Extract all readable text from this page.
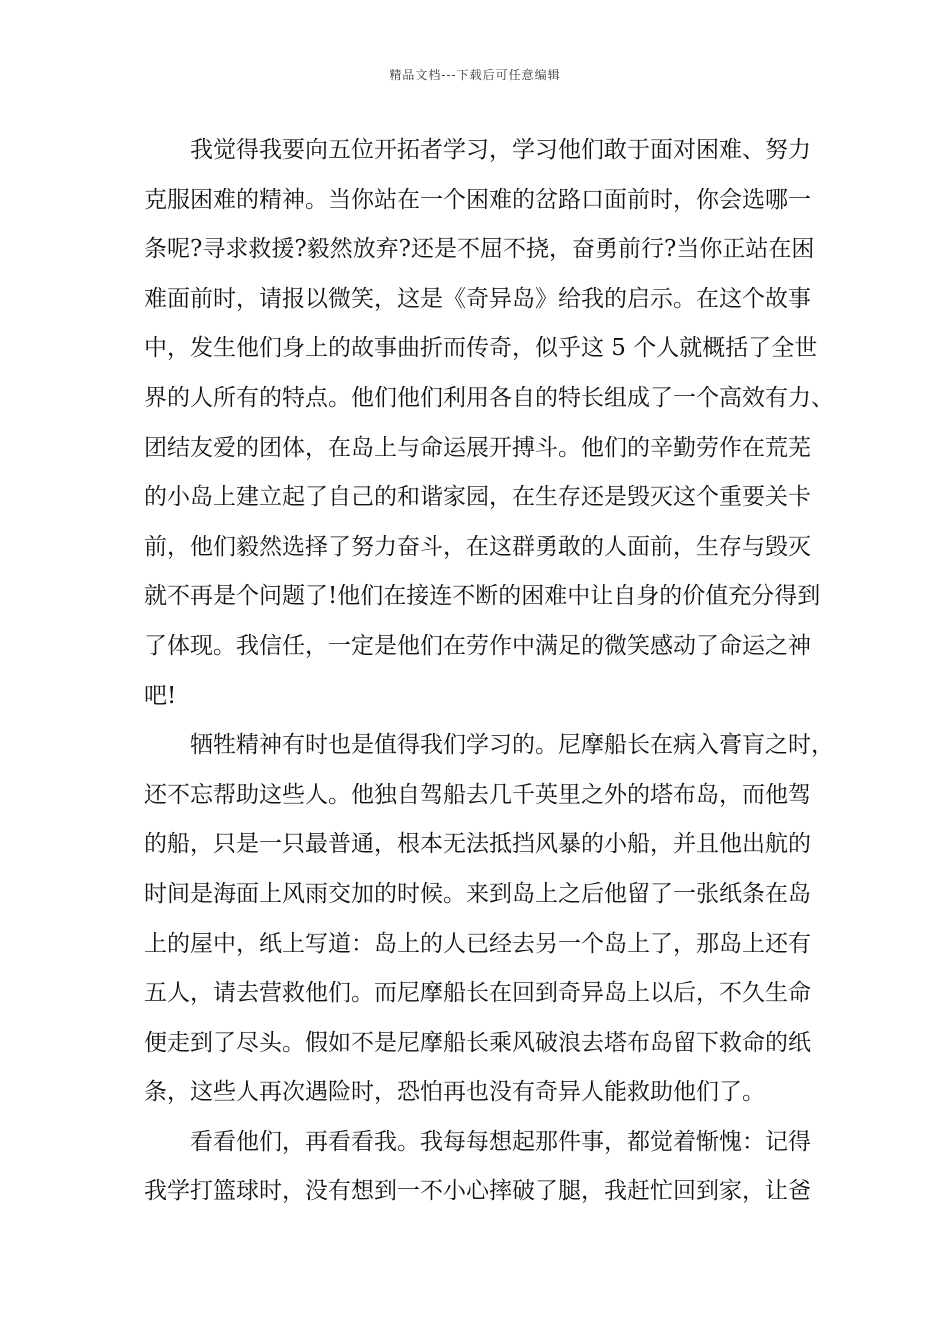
精品文档---下载后可任意编辑
我觉得我要向五位开拓者学习，学习他们敢于面对困难、努力
克服困难的精神。当你站在一个困难的岔路口面前时，你会选哪一
条呢?寻求救援?毅然放弃?还是不屈不挠，奋勇前行?当你正站在困
难面前时，请报以微笑，这是《奇异岛》给我的启示。在这个故事
中，发生他们身上的故事曲折而传奇，似乎这 5 个人就概括了全世
界的人所有的特点。他们他们利用各自的特长组成了一个高效有力、
团结友爱的团体，在岛上与命运展开搏斗。他们的辛勤劳作在荒芜
的小岛上建立起了自己的和谐家园，在生存还是毁灭这个重要关卡
前，他们毅然选择了努力奋斗，在这群勇敢的人面前，生存与毁灭
就不再是个问题了!他们在接连不断的困难中让自身的价值充分得到
了体现。我信任，一定是他们在劳作中满足的微笑感动了命运之神
吧!
牺牲精神有时也是值得我们学习的。尼摩船长在病入膏肓之时，
还不忘帮助这些人。他独自驾船去几千英里之外的塔布岛，而他驾
的船，只是一只最普通，根本无法抵挡风暴的小船，并且他出航的
时间是海面上风雨交加的时候。来到岛上之后他留了一张纸条在岛
上的屋中，纸上写道：岛上的人已经去另一个岛上了，那岛上还有
五人，请去营救他们。而尼摩船长在回到奇异岛上以后，不久生命
便走到了尽头。假如不是尼摩船长乘风破浪去塔布岛留下救命的纸
条，这些人再次遇险时，恐怕再也没有奇异人能救助他们了。
看看他们，再看看我。我每每想起那件事，都觉着惭愧：记得
我学打篮球时，没有想到一不小心摔破了腿，我赶忙回到家，让爸
